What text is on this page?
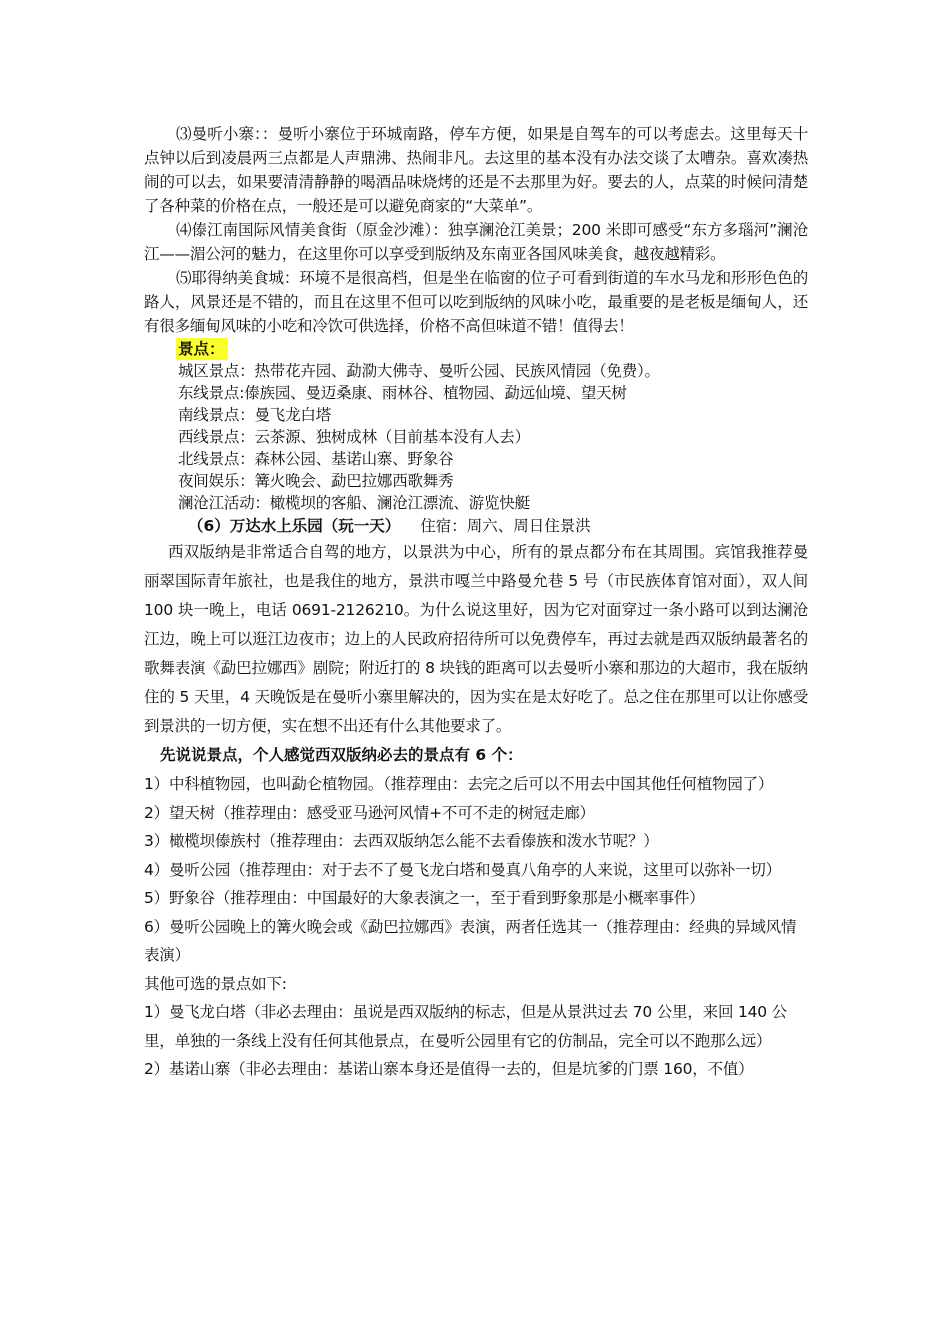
⑶曼听小寨：：曼听小寨位于环城南路，停车方便，如果是自驾车的可以考虑去。这里每天十点钟以后到凌晨两三点都是人声鼎沸、热闹非凡。去这里的基本没有办法交谈了太嘈杂。喜欢凑热闹的可以去，如果要清清静静的喝酒品味烧烤的还是不去那里为好。要去的人，点菜的时候问清楚了各种菜的价格在点，一般还是可以避免商家的“大菜单”。

⑷傣江南国际风情美食街（原金沙滩）：独享澜沧江美景；200 米即可感受“东方多瑙河”澜沧江——湄公河的魅力，在这里你可以享受到版纳及东南亚各国风味美食，越夜越精彩。

⑸耶得纳美食城：环境不是很高档，但是坐在临窗的位子可看到街道的车水马龙和形形色色的路人，风景还是不错的，而且在这里不但可以吃到版纳的风味小吃，最重要的是老板是缅甸人，还有很多缅甸风味的小吃和冷饮可供选择，价格不高但味道不错！值得去！

景点：

城区景点：热带花卉园、勐泐大佛寺、曼听公园、民族风情园（免费）。

东线景点:傣族园、曼迈桑康、雨林谷、植物园、勐远仙境、望天树

南线景点：曼飞龙白塔

西线景点：云茶源、独树成林（目前基本没有人去）

北线景点：森林公园、基诺山寨、野象谷

夜间娱乐：篝火晚会、勐巴拉娜西歌舞秀

澜沧江活动：橄榄坝的客船、澜沧江漂流、游览快艇

（6）万达水上乐园（玩一天） 住宿：周六、周日住景洪

西双版纳是非常适合自驾的地方，以景洪为中心，所有的景点都分布在其周围。宾馆我推荐曼丽翠国际青年旅社，也是我住的地方，景洪市嘎兰中路曼允巷 5 号（市民族体育馆对面），双人间 100 块一晚上，电话 0691-2126210。为什么说这里好，因为它对面穿过一条小路可以到达澜沧江边，晚上可以逛江边夜市；边上的人民政府招待所可以免费停车，再过去就是西双版纳最著名的歌舞表演《勐巴拉娜西》剧院；附近打的 8 块钱的距离可以去曼听小寨和那边的大超市，我在版纳住的 5 天里，4 天晚饭是在曼听小寨里解决的，因为实在是太好吃了。总之住在那里可以让你感受到景洪的一切方便，实在想不出还有什么其他要求了。

先说说景点，个人感觉西双版纳必去的景点有 6 个：

1）中科植物园，也叫勐仑植物园。（推荐理由：去完之后可以不用去中国其他任何植物园了）

2）望天树（推荐理由：感受亚马逊河风情+不可不走的树冠走廊）

3）橄榄坝傣族村（推荐理由：去西双版纳怎么能不去看傣族和泼水节呢？）

4）曼听公园（推荐理由：对于去不了曼飞龙白塔和曼真八角亭的人来说，这里可以弥补一切）

5）野象谷（推荐理由：中国最好的大象表演之一，至于看到野象那是小概率事件）

6）曼听公园晚上的篝火晚会或《勐巴拉娜西》表演，两者任选其一（推荐理由：经典的异域风情表演）

其他可选的景点如下:

1）曼飞龙白塔（非必去理由：虽说是西双版纳的标志，但是从景洪过去 70 公里，来回 140 公里，单独的一条线上没有任何其他景点，在曼听公园里有它的仿制品，完全可以不跑那么远）

2）基诺山寨（非必去理由：基诺山寨本身还是值得一去的，但是坑爹的门票 160，不值）
